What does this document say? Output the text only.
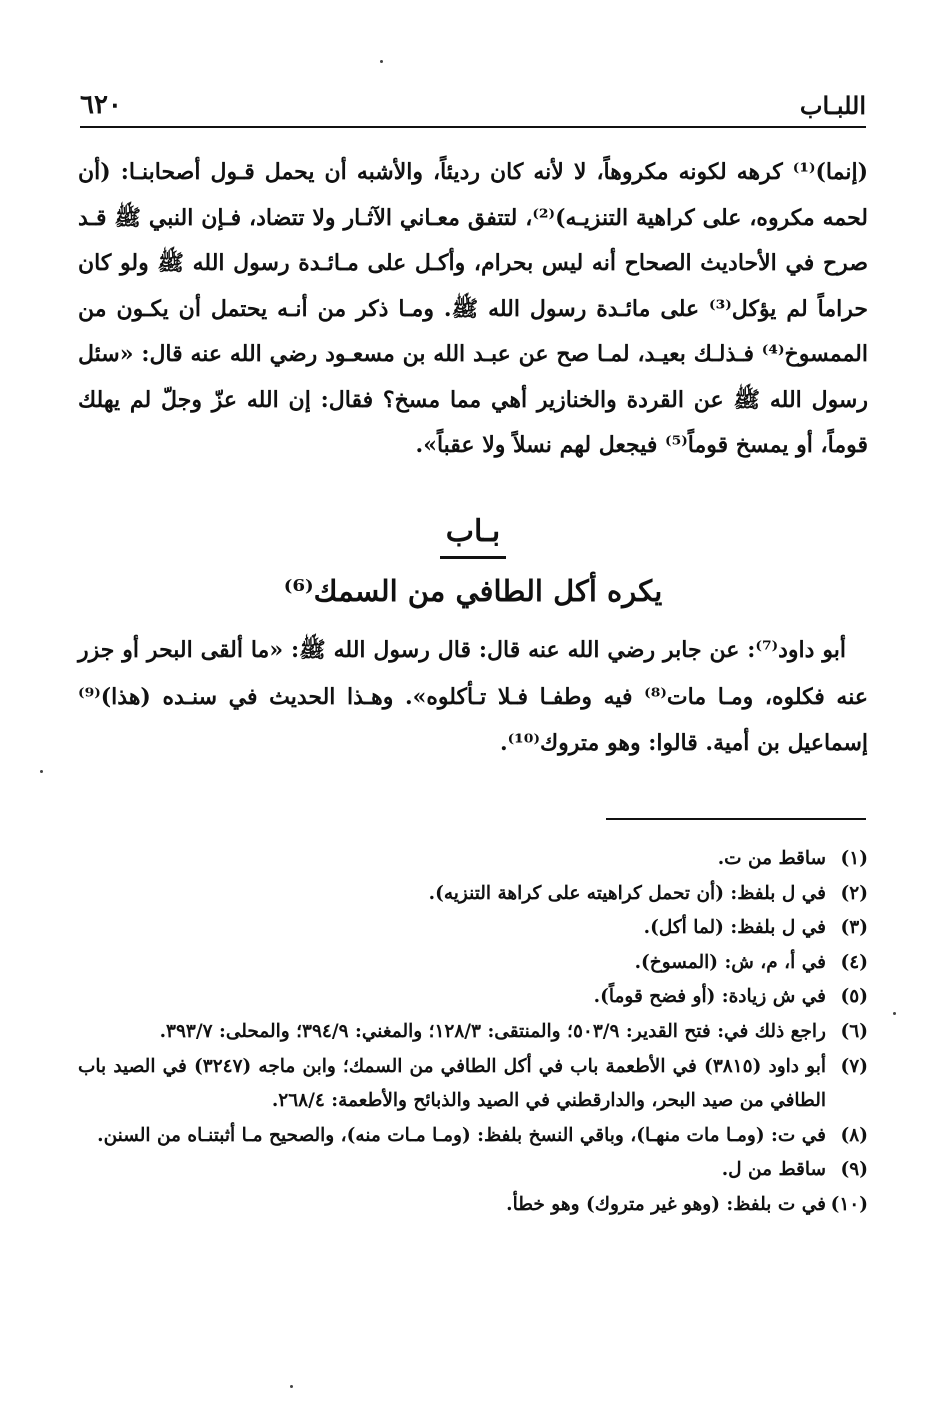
٦٢٠	اللبـاب

(إنما)⁽¹⁾ كرهه لكونه مكروهاً، لا لأنه كان رديئاً، والأشبه أن يحمل قـول أصحابنـا: (أن لحمه مكروه، على كراهية التنزيـه)⁽²⁾، لتتفق معـاني الآثـار ولا تتضاد، فـإن النبي ﷺ قـد صرح في الأحاديث الصحاح أنه ليس بحرام، وأكـل على مـائـدة رسول الله ﷺ ولو كان حراماً لم يؤكل⁽³⁾ على مائـدة رسول الله ﷺ. ومـا ذكر من أنـه يحتمل أن يكـون من الممسوخ⁽⁴⁾ فـذلـك بعيـد، لمـا صح عن عبـد الله بن مسعـود رضي الله عنه قال: «سئل رسول الله ﷺ عن القردة والخنازير أهي مما مسخ؟ فقال: إن الله عزّ وجلّ لم يهلك قوماً، أو يمسخ قوماً⁽⁵⁾ فيجعل لهم نسلاً ولا عقباً».

بـاب
يكره أكل الطافي من السمك⁽⁶⁾

أبو داود⁽⁷⁾: عن جابر رضي الله عنه قال: قال رسول الله ﷺ: «ما ألقى البحر أو جزر عنه فكلوه، ومـا مات⁽⁸⁾ فيه وطفـا فـلا تـأكلوه». وهـذا الحديث في سنـده (هذا)⁽⁹⁾ إسماعيل بن أمية. قالوا: وهو متروك⁽¹⁰⁾.

(١)
ساقط من ت.
(٢)
في ل بلفظ: (أن تحمل كراهيته على كراهة التنزيه).
(٣)
في ل بلفظ: (لما أكل).
(٤)
في أ، م، ش: (المسوخ).
(٥)
في ش زيادة: (أو فضح قوماً).
(٦)
راجع ذلك في: فتح القدير: ٥٠٣/٩؛ والمنتقى: ١٢٨/٣؛ والمغني: ٣٩٤/٩؛ والمحلى: ٣٩٣/٧.
(٧)
أبو داود (٣٨١٥) في الأطعمة باب في أكل الطافي من السمك؛ وابن ماجه (٣٢٤٧) في الصيد باب الطافي من صيد البحر، والدارقطني في الصيد والذبائح والأطعمة: ٢٦٨/٤.
(٨)
في ت: (ومـا مات منهـا)، وباقي النسخ بلفظ: (ومـا مـات منه)، والصحيح مـا أثبتنـاه من السنن.
(٩)
ساقط من ل.
(١٠)
في ت بلفظ: (وهو غير متروك) وهو خطأ.
